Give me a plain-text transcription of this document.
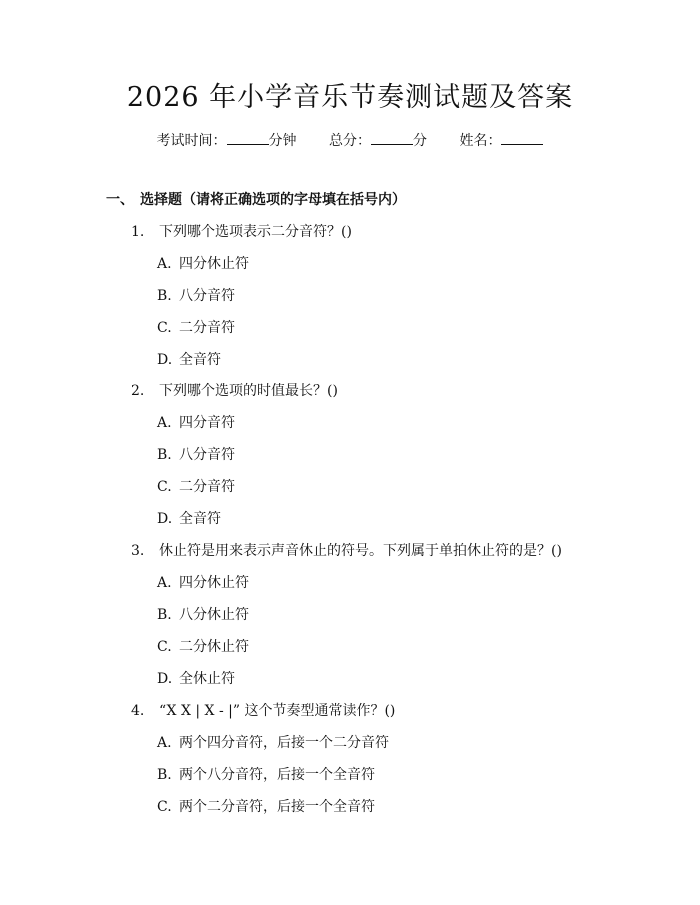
2026 年小学音乐节奏测试题及答案
考试时间：	分钟 总分：	分 姓名：
一、 选择题（请将正确选项的字母填在括号内）
1. 下列哪个选项表示二分音符？()
A. 四分休止符
B. 八分音符
C. 二分音符
D. 全音符
2. 下列哪个选项的时值最长？()
A. 四分音符
B. 八分音符
C. 二分音符
D. 全音符
3. 休止符是用来表示声音休止的符号。下列属于单拍休止符的是？()
A. 四分休止符
B. 八分休止符
C. 二分休止符
D. 全休止符
4. “X X | X - |” 这个节奏型通常读作？()
A. 两个四分音符，后接一个二分音符
B. 两个八分音符，后接一个全音符
C. 两个二分音符，后接一个全音符
